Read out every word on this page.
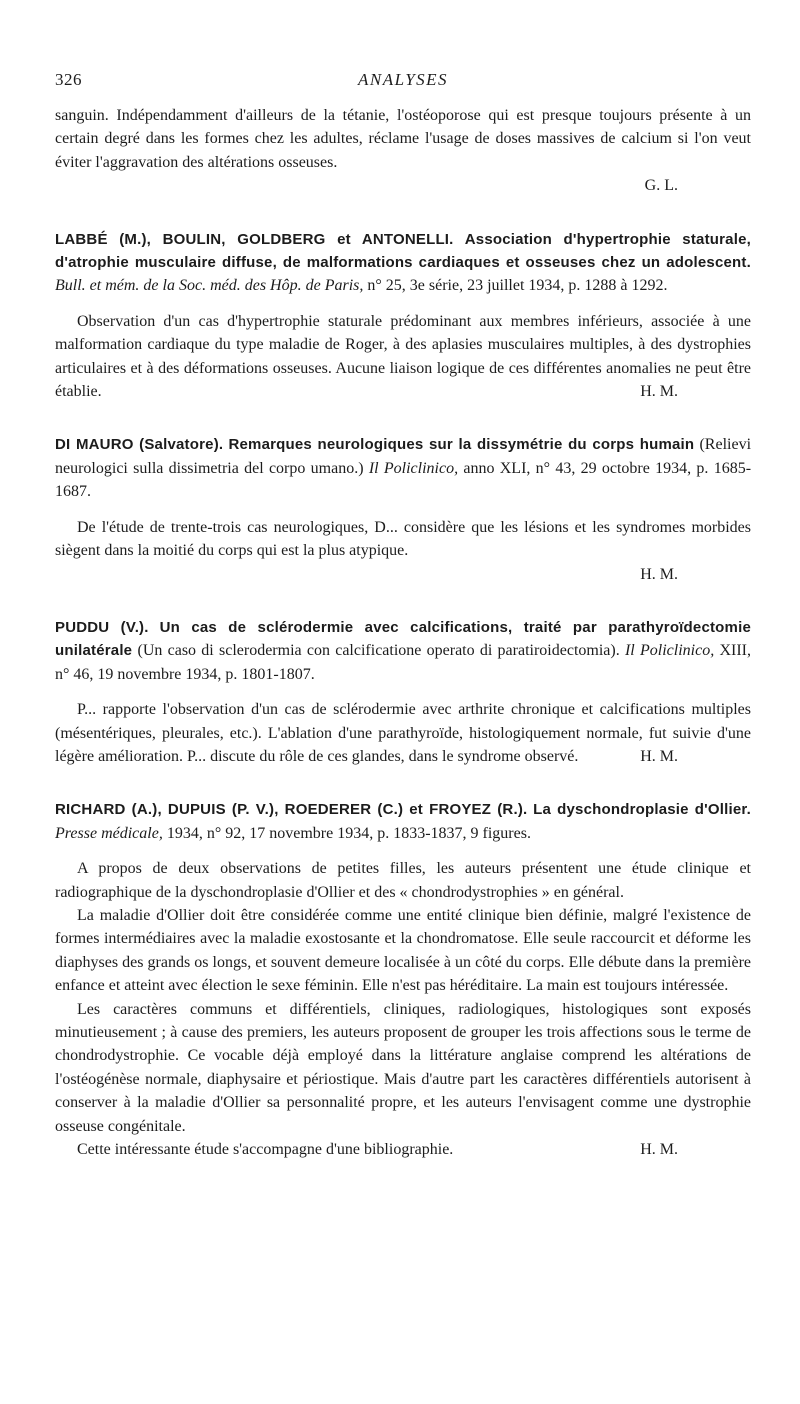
326	ANALYSES

sanguin. Indépendamment d'ailleurs de la tétanie, l'ostéoporose qui est presque toujours présente à un certain degré dans les formes chez les adultes, réclame l'usage de doses massives de calcium si l'on veut éviter l'aggravation des altérations osseuses.

G. L.

LABBÉ (M.), BOULIN, GOLDBERG et ANTONELLI. Association d'hypertrophie staturale, d'atrophie musculaire diffuse, de malformations cardiaques et osseuses chez un adolescent. Bull. et mém. de la Soc. méd. des Hôp. de Paris, n° 25, 3e série, 23 juillet 1934, p. 1288 à 1292.

Observation d'un cas d'hypertrophie staturale prédominant aux membres inférieurs, associée à une malformation cardiaque du type maladie de Roger, à des aplasies musculaires multiples, à des dystrophies articulaires et à des déformations osseuses. Aucune liaison logique de ces différentes anomalies ne peut être établie.	H. M.

DI MAURO (Salvatore). Remarques neurologiques sur la dissymétrie du corps humain (Relievi neurologici sulla dissimetria del corpo umano.) Il Policlinico, anno XLI, n° 43, 29 octobre 1934, p. 1685-1687.

De l'étude de trente-trois cas neurologiques, D... considère que les lésions et les syndromes morbides siègent dans la moitié du corps qui est la plus atypique.

H. M.

PUDDU (V.). Un cas de sclérodermie avec calcifications, traité par parathyroïdectomie unilatérale (Un caso di sclerodermia con calcificatione operato di paratiroidectomia). Il Policlinico, XIII, n° 46, 19 novembre 1934, p. 1801-1807.

P... rapporte l'observation d'un cas de sclérodermie avec arthrite chronique et calcifications multiples (mésentériques, pleurales, etc.). L'ablation d'une parathyroïde, histologiquement normale, fut suivie d'une légère amélioration. P... discute du rôle de ces glandes, dans le syndrome observé.	H. M.

RICHARD (A.), DUPUIS (P. V.), ROEDERER (C.) et FROYEZ (R.). La dyschondroplasie d'Ollier. Presse médicale, 1934, n° 92, 17 novembre 1934, p. 1833-1837, 9 figures.

A propos de deux observations de petites filles, les auteurs présentent une étude clinique et radiographique de la dyschondroplasie d'Ollier et des « chondrodystrophies » en général.

La maladie d'Ollier doit être considérée comme une entité clinique bien définie, malgré l'existence de formes intermédiaires avec la maladie exostosante et la chondromatose. Elle seule raccourcit et déforme les diaphyses des grands os longs, et souvent demeure localisée à un côté du corps. Elle débute dans la première enfance et atteint avec élection le sexe féminin. Elle n'est pas héréditaire. La main est toujours intéressée.

Les caractères communs et différentiels, cliniques, radiologiques, histologiques sont exposés minutieusement ; à cause des premiers, les auteurs proposent de grouper les trois affections sous le terme de chondrodystrophie. Ce vocable déjà employé dans la littérature anglaise comprend les altérations de l'ostéogénèse normale, diaphysaire et périostique. Mais d'autre part les caractères différentiels autorisent à conserver à la maladie d'Ollier sa personnalité propre, et les auteurs l'envisagent comme une dystrophie osseuse congénitale.

Cette intéressante étude s'accompagne d'une bibliographie.	H. M.
